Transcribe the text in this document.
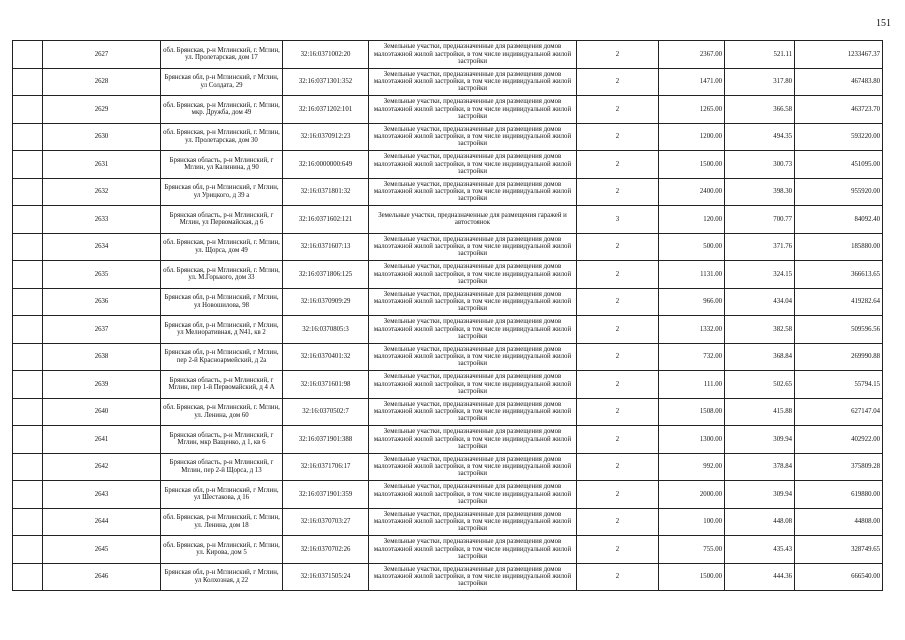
151
	2627	обл. Брянская, р-н Мглинский, г. Мглин, ул. Пролетарская, дом 17	32:16:0371002:20	Земельные участки, предназначенные для размещения домов малоэтажной жилой застройки, в том числе индивидуальной жилой застройки	2	2367.00	521.11	1233467.37
	2628	Брянская обл, р-н Мглинский, г Мглин, ул Солдата, 29	32:16:0371301:352	Земельные участки, предназначенные для размещения домов малоэтажной жилой застройки, в том числе индивидуальной жилой застройки	2	1471.00	317.80	467483.80
	2629	обл. Брянская, р-н Мглинский, г. Мглин, мкр. Дружба, дом 49	32:16:0371202:101	Земельные участки, предназначенные для размещения домов малоэтажной жилой застройки, в том числе индивидуальной жилой застройки	2	1265.00	366.58	463723.70
	2630	обл. Брянская, р-н Мглинский, г. Мглин, ул. Пролетарская, дом 30	32:16:0370912:23	Земельные участки, предназначенные для размещения домов малоэтажной жилой застройки, в том числе индивидуальной жилой застройки	2	1200.00	494.35	593220.00
	2631	Брянская область, р-н Мглинский, г Мглин, ул Калинина, д 90	32:16:0000000:649	Земельные участки, предназначенные для размещения домов малоэтажной жилой застройки, в том числе индивидуальной жилой застройки	2	1500.00	300.73	451095.00
	2632	Брянская обл, р-н Мглинский, г Мглин, ул Урицкого, д 39 а	32:16:0371801:32	Земельные участки, предназначенные для размещения домов малоэтажной жилой застройки, в том числе индивидуальной жилой застройки	2	2400.00	398.30	955920.00
	2633	Брянская область, р-н Мглинский, г Мглин, ул Первомайская, д 6	32:16:0371602:121	Земельные участки, предназначенные для размещения гаражей и автостоянок	3	120.00	700.77	84092.40
	2634	обл. Брянская, р-н Мглинский, г. Мглин, ул. Щорса, дом 49	32:16:0371607:13	Земельные участки, предназначенные для размещения домов малоэтажной жилой застройки, в том числе индивидуальной жилой застройки	2	500.00	371.76	185880.00
	2635	обл. Брянская, р-н Мглинский, г. Мглин, ул. М.Горького, дом 33	32:16:0371806:125	Земельные участки, предназначенные для размещения домов малоэтажной жилой застройки, в том числе индивидуальной жилой застройки	2	1131.00	324.15	366613.65
	2636	Брянская обл, р-н Мглинский, г Мглин, ул Новошилова, 98	32:16:0370909:29	Земельные участки, предназначенные для размещения домов малоэтажной жилой застройки, в том числе индивидуальной жилой застройки	2	966.00	434.04	419282.64
	2637	Брянская обл, р-н Мглинский, г Мглин, ул Мелиоративная, д N41, кв 2	32:16:0370805:3	Земельные участки, предназначенные для размещения домов малоэтажной жилой застройки, в том числе индивидуальной жилой застройки	2	1332.00	382.58	509596.56
	2638	Брянская обл, р-н Мглинский, г Мглин, пер 2-й Красноармейский, д 2а	32:16:0370401:32	Земельные участки, предназначенные для размещения домов малоэтажной жилой застройки, в том числе индивидуальной жилой застройки	2	732.00	368.84	269990.88
	2639	Брянская область, р-н Мглинский, г Мглин, пер 1-й Первомайский, д 4 А	32:16:0371601:98	Земельные участки, предназначенные для размещения домов малоэтажной жилой застройки, в том числе индивидуальной жилой застройки	2	111.00	502.65	55794.15
	2640	обл. Брянская, р-н Мглинский, г. Мглин, ул. Ленина, дом 60	32:16:0370502:7	Земельные участки, предназначенные для размещения домов малоэтажной жилой застройки, в том числе индивидуальной жилой застройки	2	1508.00	415.88	627147.04
	2641	Брянская область, р-н Мглинский, г Мглин, мкр Ващенко, д 1, кв 6	32:16:0371901:388	Земельные участки, предназначенные для размещения домов малоэтажной жилой застройки, в том числе индивидуальной жилой застройки	2	1300.00	309.94	402922.00
	2642	Брянская область, р-н Мглинский, г Мглин, пер 2-й Щорса, д 13	32:16:0371706:17	Земельные участки, предназначенные для размещения домов малоэтажной жилой застройки, в том числе индивидуальной жилой застройки	2	992.00	378.84	375809.28
	2643	Брянская обл, р-н Мглинский, г Мглин, ул Шестакова, д 16	32:16:0371901:359	Земельные участки, предназначенные для размещения домов малоэтажной жилой застройки, в том числе индивидуальной жилой застройки	2	2000.00	309.94	619880.00
	2644	обл. Брянская, р-н Мглинский, г. Мглин, ул. Ленина, дом 18	32:16:0370703:27	Земельные участки, предназначенные для размещения домов малоэтажной жилой застройки, в том числе индивидуальной жилой застройки	2	100.00	448.08	44808.00
	2645	обл. Брянская, р-н Мглинский, г. Мглин, ул. Кирова, дом 5	32:16:0370702:26	Земельные участки, предназначенные для размещения домов малоэтажной жилой застройки, в том числе индивидуальной жилой застройки	2	755.00	435.43	328749.65
	2646	Брянская обл, р-н Мглинский, г Мглин, ул Колхозная, д 22	32:16:0371505:24	Земельные участки, предназначенные для размещения домов малоэтажной жилой застройки, в том числе индивидуальной жилой застройки	2	1500.00	444.36	666540.00
